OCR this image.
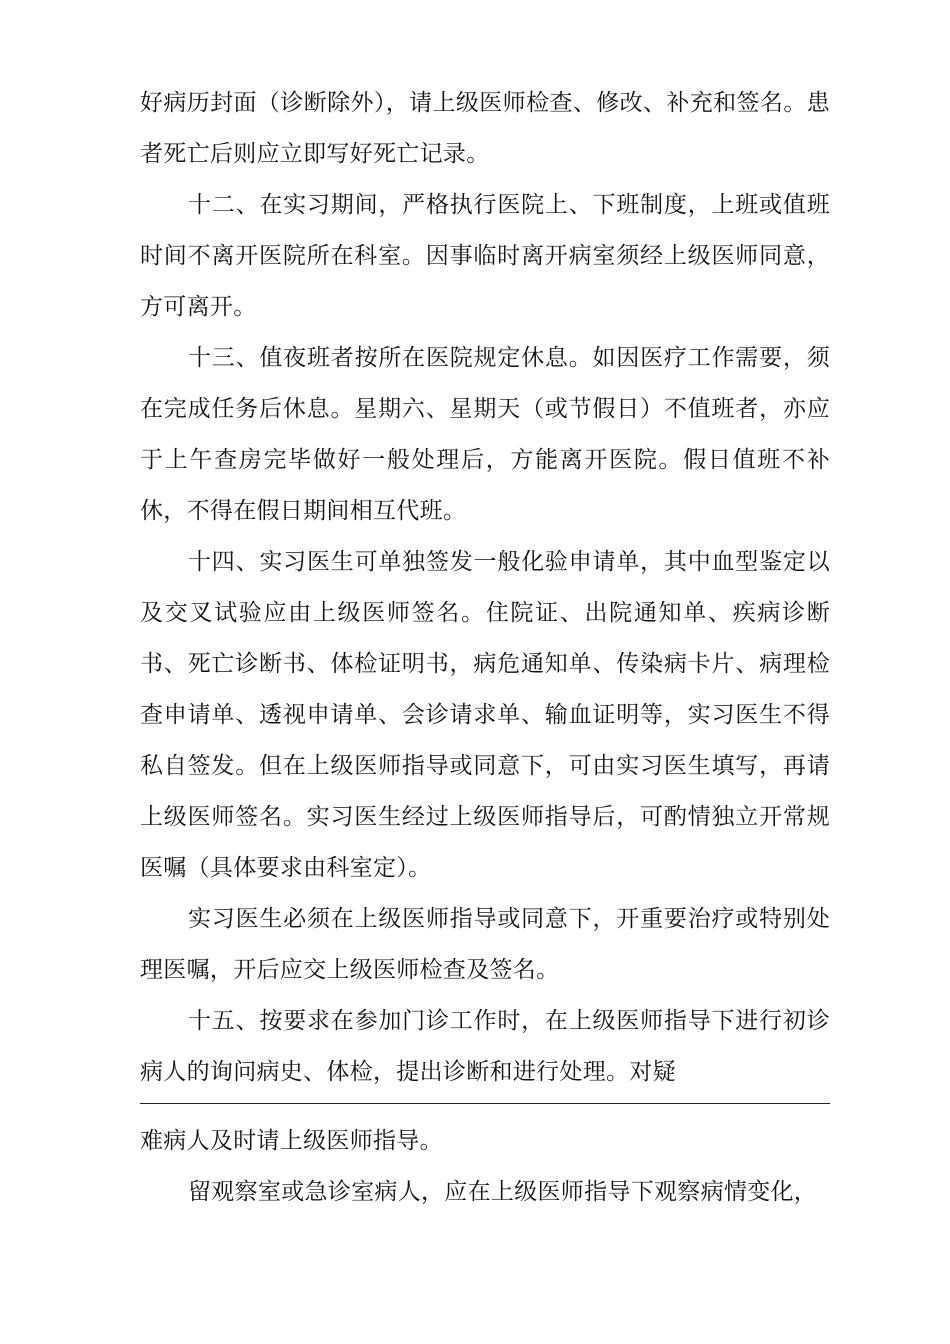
好病历封面（诊断除外），请上级医师检查、修改、补充和签名。患者死亡后则应立即写好死亡记录。

十二、在实习期间，严格执行医院上、下班制度，上班或值班时间不离开医院所在科室。因事临时离开病室须经上级医师同意，方可离开。

十三、值夜班者按所在医院规定休息。如因医疗工作需要，须在完成任务后休息。星期六、星期天（或节假日）不值班者，亦应于上午查房完毕做好一般处理后，方能离开医院。假日值班不补休，不得在假日期间相互代班。

十四、实习医生可单独签发一般化验申请单，其中血型鉴定以及交叉试验应由上级医师签名。住院证、出院通知单、疾病诊断书、死亡诊断书、体检证明书，病危通知单、传染病卡片、病理检查申请单、透视申请单、会诊请求单、输血证明等，实习医生不得私自签发。但在上级医师指导或同意下，可由实习医生填写，再请上级医师签名。实习医生经过上级医师指导后，可酌情独立开常规医嘱（具体要求由科室定）。

实习医生必须在上级医师指导或同意下，开重要治疗或特别处理医嘱，开后应交上级医师检查及签名。

十五、按要求在参加门诊工作时，在上级医师指导下进行初诊病人的询问病史、体检，提出诊断和进行处理。对疑

难病人及时请上级医师指导。

留观察室或急诊室病人，应在上级医师指导下观察病情变化，
